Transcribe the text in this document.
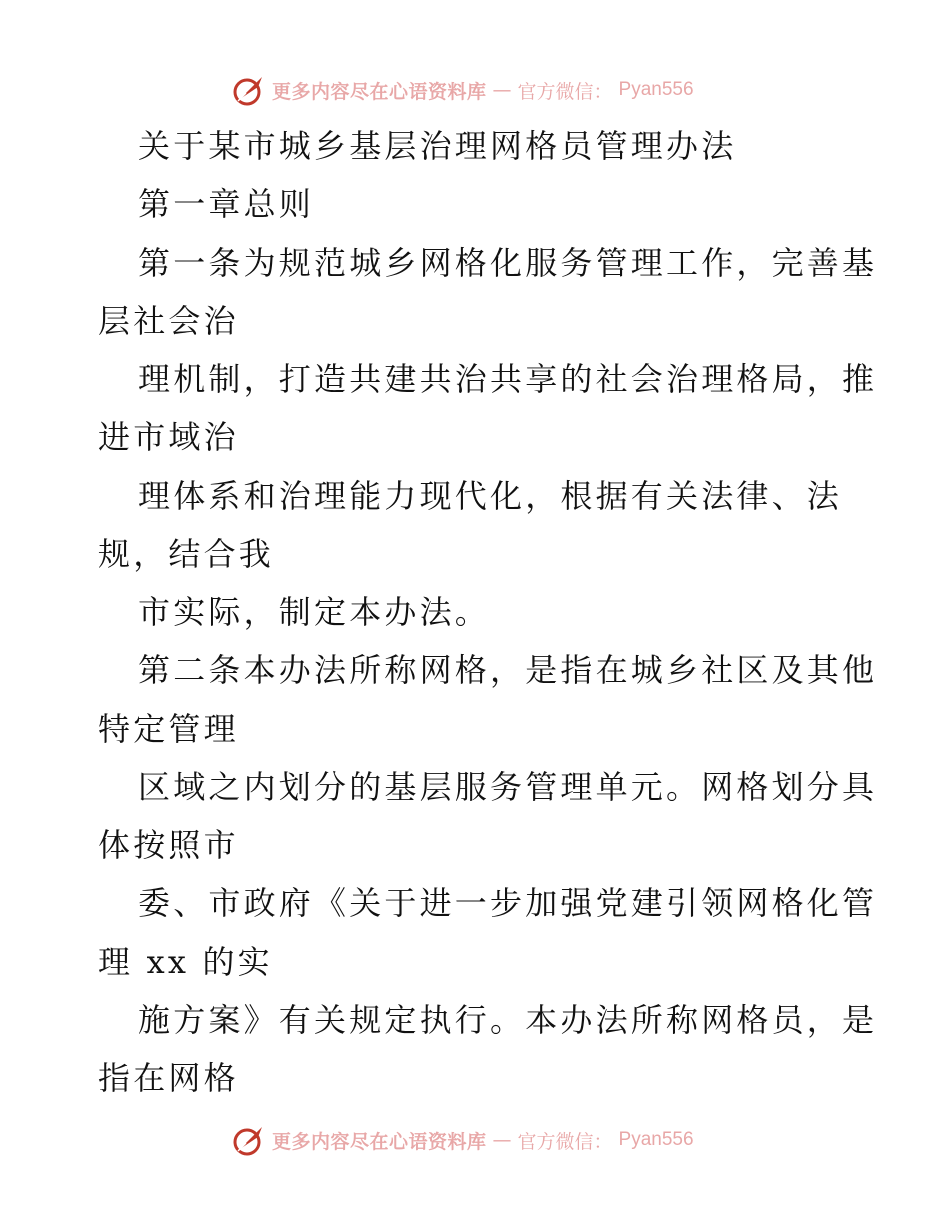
更多内容尽在心语资料库 — 官方微信： Pyan556
关于某市城乡基层治理网格员管理办法
第一章总则
第一条为规范城乡网格化服务管理工作，完善基
层社会治
理机制，打造共建共治共享的社会治理格局，推
进市域治
理体系和治理能力现代化，根据有关法律、法
规，结合我
市实际，制定本办法。
第二条本办法所称网格，是指在城乡社区及其他
特定管理
区域之内划分的基层服务管理单元。网格划分具
体按照市
委、市政府《关于进一步加强党建引领网格化管
理 xx 的实
施方案》有关规定执行。本办法所称网格员，是
指在网格
更多内容尽在心语资料库 — 官方微信： Pyan556
